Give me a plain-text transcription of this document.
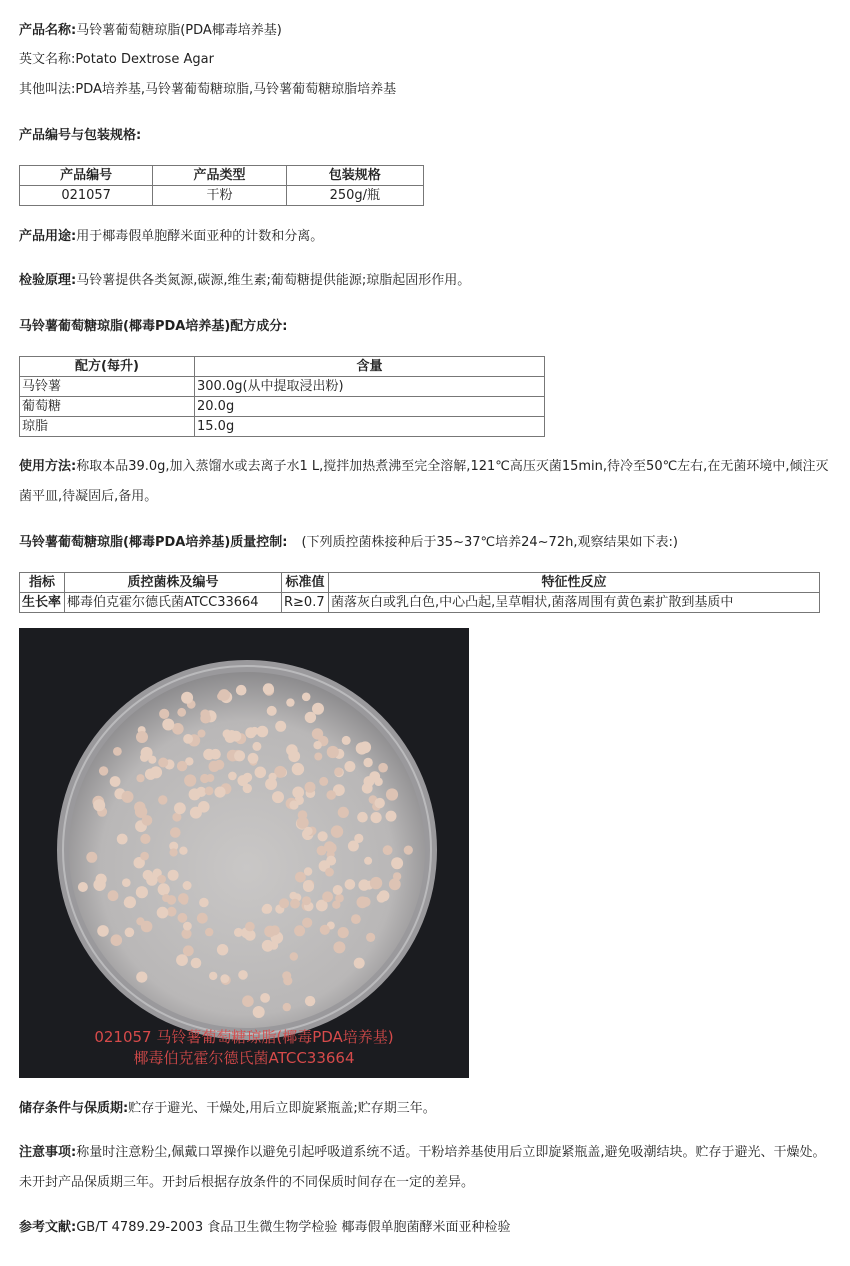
产品名称:马铃薯葡萄糖琼脂(PDA椰毒培养基)
英文名称:Potato Dextrose Agar
其他叫法:PDA培养基,马铃薯葡萄糖琼脂,马铃薯葡萄糖琼脂培养基
产品编号与包装规格:
产品编号	产品类型	包装规格
021057	干粉	250g/瓶
产品用途:用于椰毒假单胞酵米面亚种的计数和分离。
检验原理:马铃薯提供各类氮源,碳源,维生素;葡萄糖提供能源;琼脂起固形作用。
马铃薯葡萄糖琼脂(椰毒PDA培养基)配方成分:
配方(每升)	含量
马铃薯	300.0g(从中提取浸出粉)
葡萄糖	20.0g
琼脂	15.0g
使用方法:称取本品39.0g,加入蒸馏水或去离子水1 L,搅拌加热煮沸至完全溶解,121℃高压灭菌15min,待冷至50℃左右,在无菌环境中,倾注灭菌平皿,待凝固后,备用。
马铃薯葡萄糖琼脂(椰毒PDA培养基)质量控制: (下列质控菌株接种后于35~37℃培养24~72h,观察结果如下表:)
指标	质控菌株及编号	标准值	特征性反应
生长率	椰毒伯克霍尔德氏菌ATCC33664	R≥0.7	菌落灰白或乳白色,中心凸起,呈草帽状,菌落周围有黄色素扩散到基质中
021057 马铃薯葡萄糖琼脂(椰毒PDA培养基)
椰毒伯克霍尔德氏菌ATCC33664
储存条件与保质期:贮存于避光、干燥处,用后立即旋紧瓶盖;贮存期三年。
注意事项:称量时注意粉尘,佩戴口罩操作以避免引起呼吸道系统不适。干粉培养基使用后立即旋紧瓶盖,避免吸潮结块。贮存于避光、干燥处。未开封产品保质期三年。开封后根据存放条件的不同保质时间存在一定的差异。
参考文献:GB/T 4789.29-2003 食品卫生微生物学检验 椰毒假单胞菌酵米面亚种检验
